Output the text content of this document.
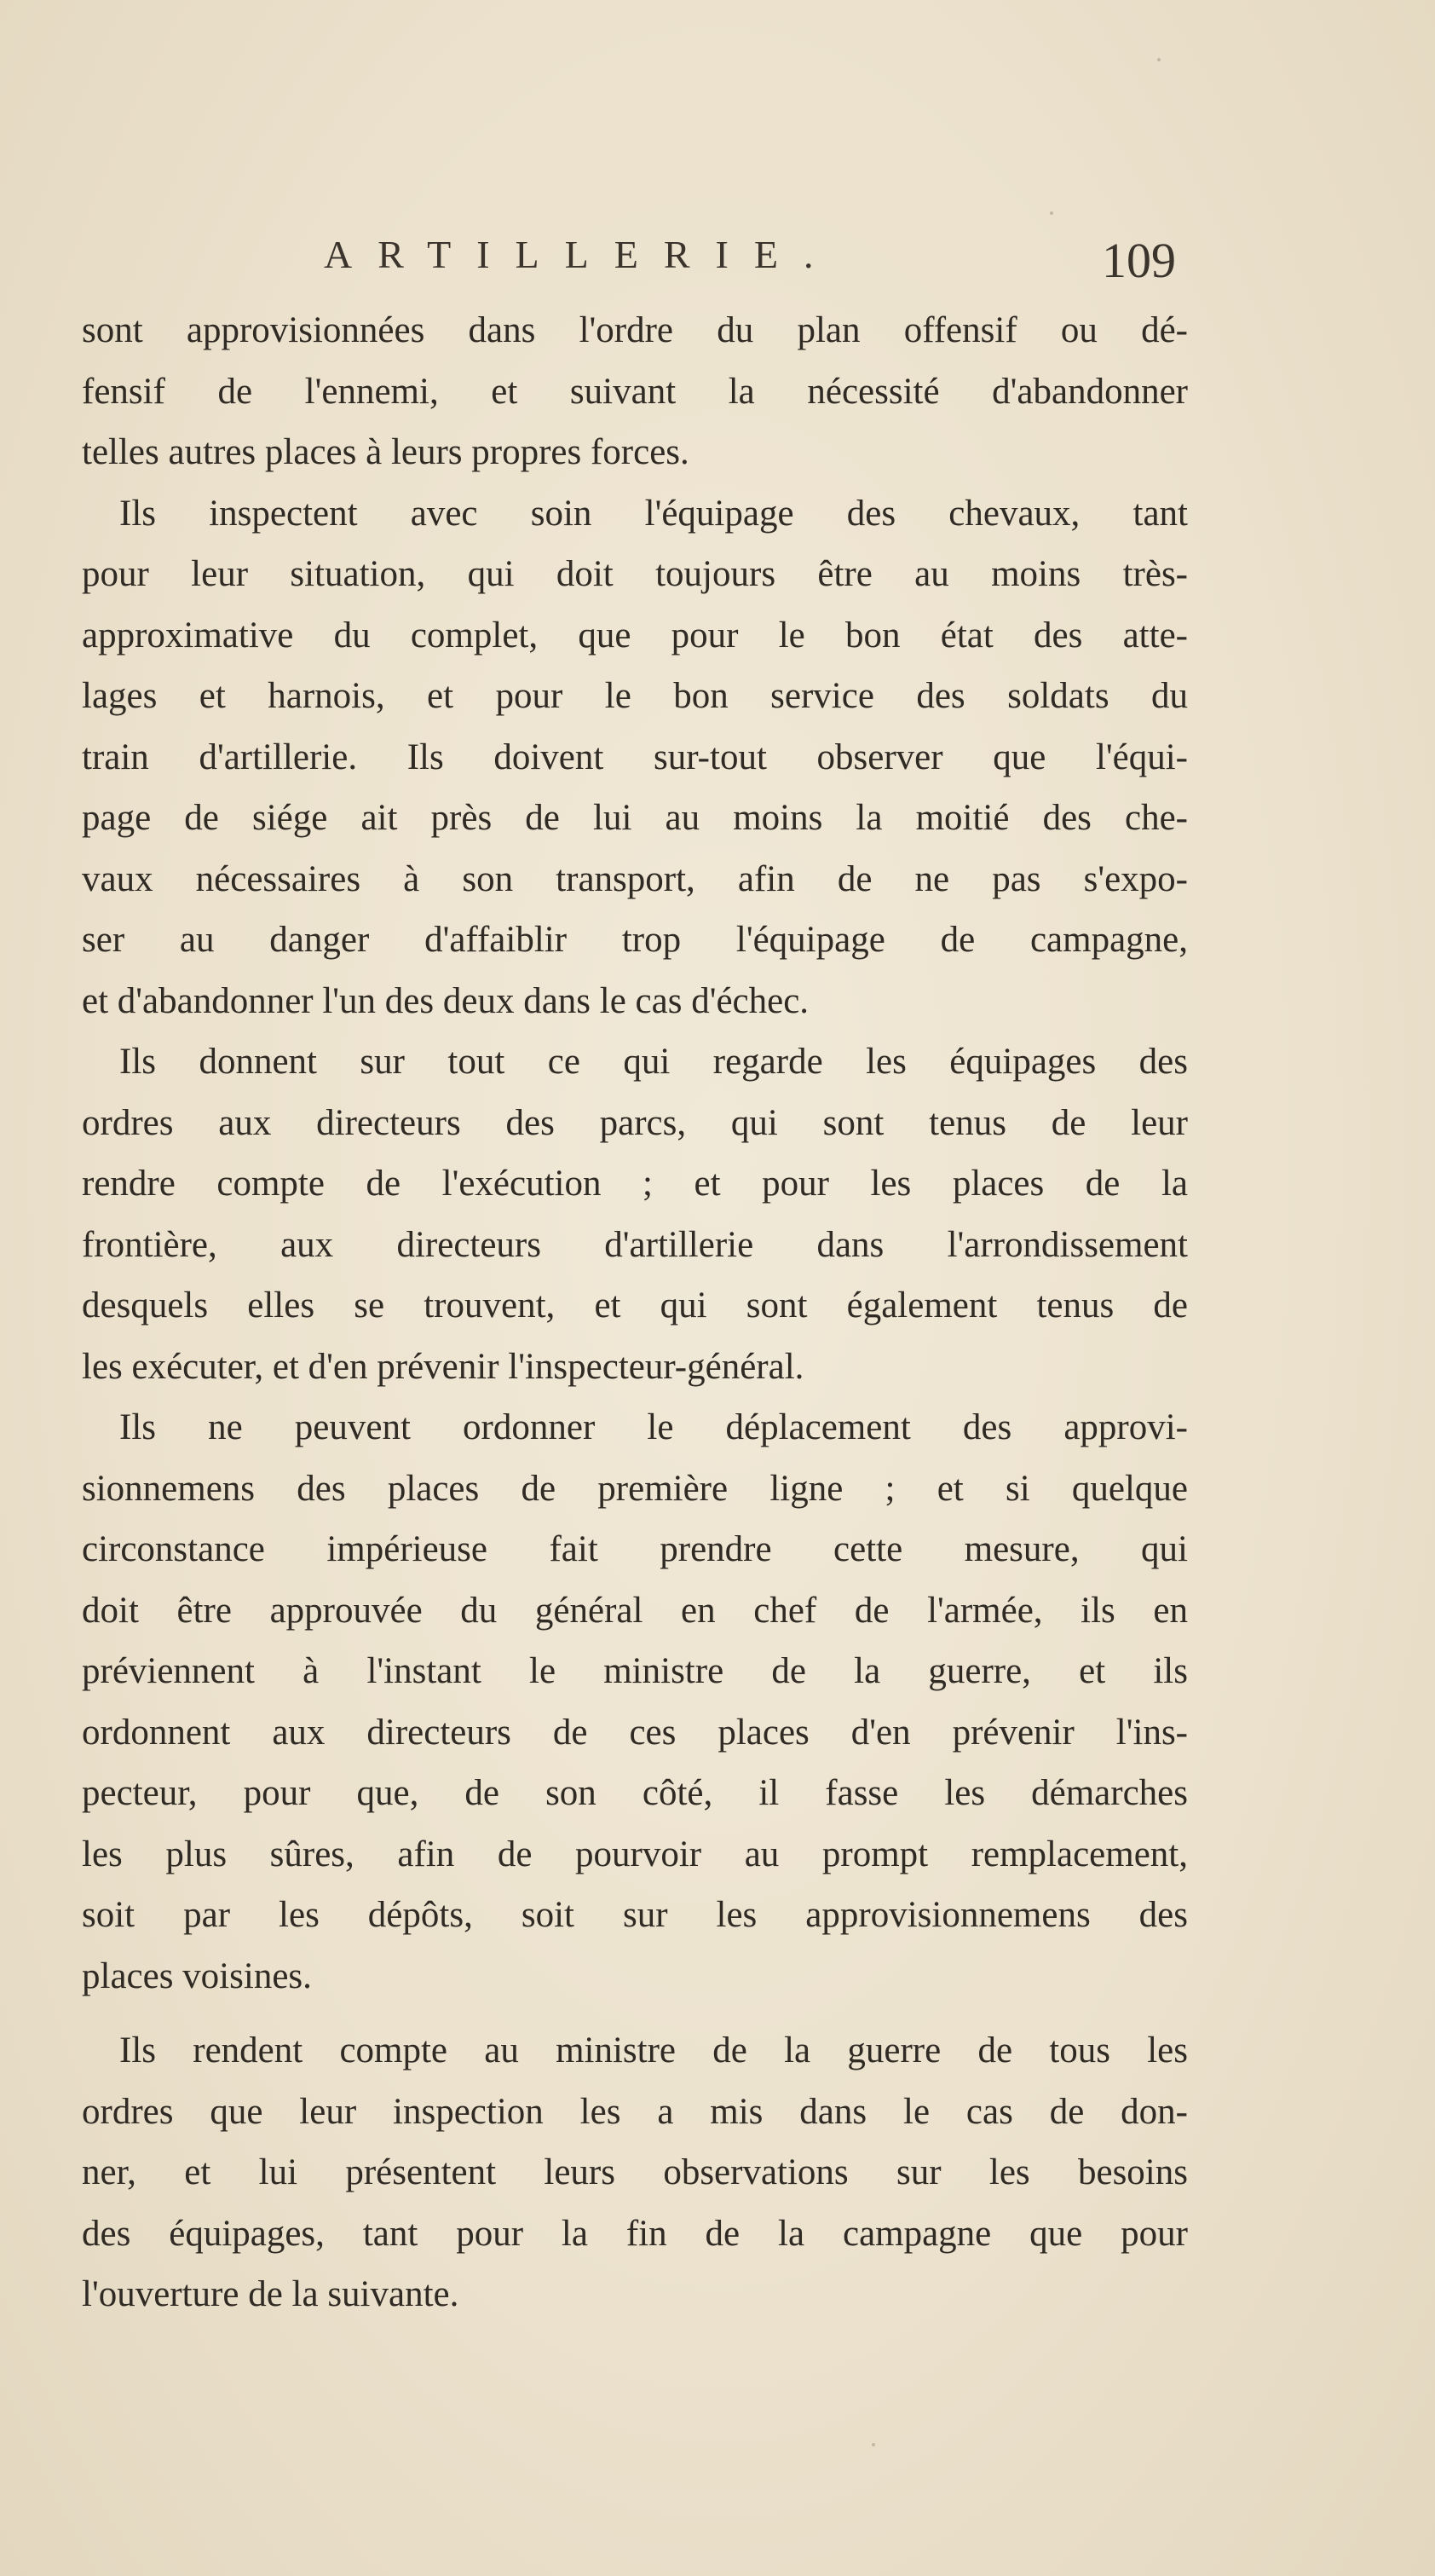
ARTILLERIE.	109
sont approvisionnées dans l'ordre du plan offensif ou dé-
fensif de l'ennemi, et suivant la nécessité d'abandonner
telles autres places à leurs propres forces.
Ils inspectent avec soin l'équipage des chevaux, tant
pour leur situation, qui doit toujours être au moins très-
approximative du complet, que pour le bon état des atte-
lages et harnois, et pour le bon service des soldats du
train d'artillerie. Ils doivent sur-tout observer que l'équi-
page de siége ait près de lui au moins la moitié des che-
vaux nécessaires à son transport, afin de ne pas s'expo-
ser au danger d'affaiblir trop l'équipage de campagne,
et d'abandonner l'un des deux dans le cas d'échec.
Ils donnent sur tout ce qui regarde les équipages des
ordres aux directeurs des parcs, qui sont tenus de leur
rendre compte de l'exécution ; et pour les places de la
frontière, aux directeurs d'artillerie dans l'arrondissement
desquels elles se trouvent, et qui sont également tenus de
les exécuter, et d'en prévenir l'inspecteur-général.
Ils ne peuvent ordonner le déplacement des approvi-
sionnemens des places de première ligne ; et si quelque
circonstance impérieuse fait prendre cette mesure, qui
doit être approuvée du général en chef de l'armée, ils en
préviennent à l'instant le ministre de la guerre, et ils
ordonnent aux directeurs de ces places d'en prévenir l'ins-
pecteur, pour que, de son côté, il fasse les démarches
les plus sûres, afin de pourvoir au prompt remplacement,
soit par les dépôts, soit sur les approvisionnemens des
places voisines.
Ils rendent compte au ministre de la guerre de tous les
ordres que leur inspection les a mis dans le cas de don-
ner, et lui présentent leurs observations sur les besoins
des équipages, tant pour la fin de la campagne que pour
l'ouverture de la suivante.
